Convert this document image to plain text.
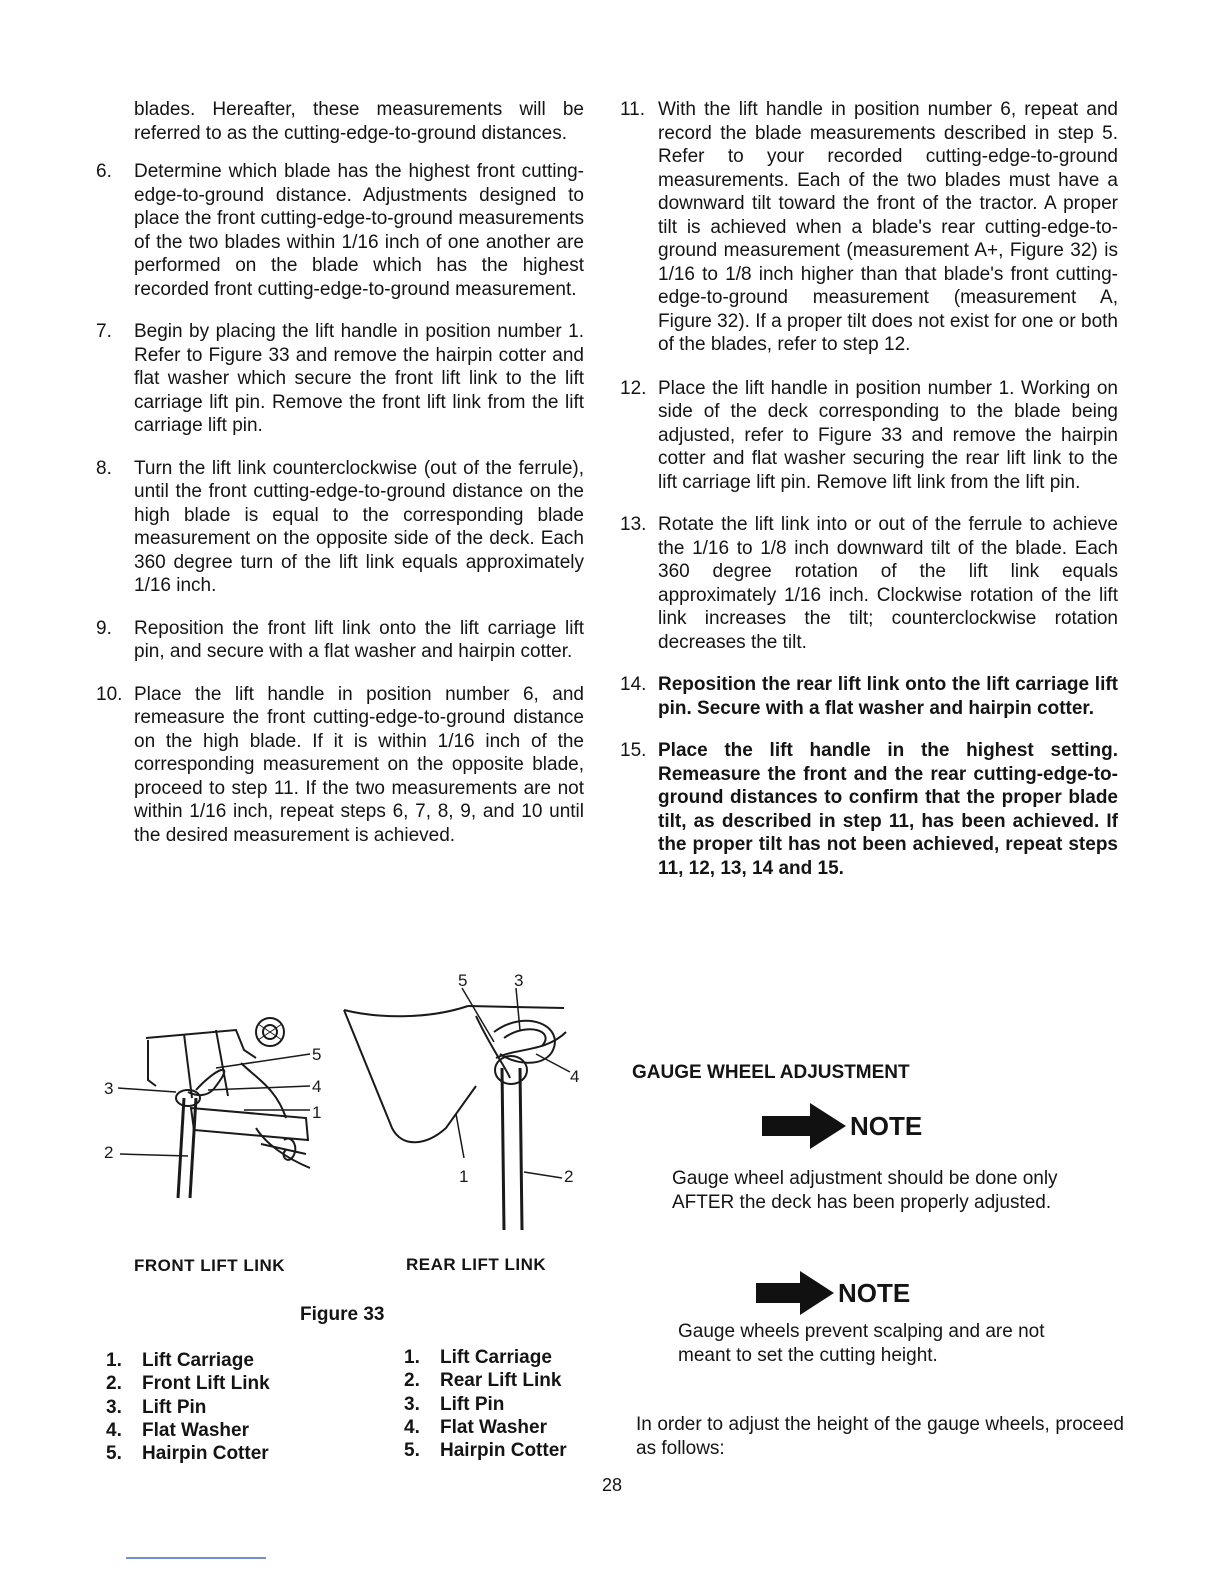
blades. Hereafter, these measurements will be referred to as the cutting-edge-to-ground distances.

6.	Determine which blade has the highest front cutting-edge-to-ground distance. Adjustments designed to place the front cutting-edge-to-ground measurements of the two blades within 1/16 inch of one another are performed on the blade which has the highest recorded front cutting-edge-to-ground measurement.
7.	Begin by placing the lift handle in position number 1. Refer to Figure 33 and remove the hairpin cotter and flat washer which secure the front lift link to the lift carriage lift pin. Remove the front lift link from the lift carriage lift pin.
8.	Turn the lift link counterclockwise (out of the ferrule), until the front cutting-edge-to-ground distance on the high blade is equal to the corresponding blade measurement on the opposite side of the deck. Each 360 degree turn of the lift link equals approximately 1/16 inch.
9.	Reposition the front lift link onto the lift carriage lift pin, and secure with a flat washer and hairpin cotter.
10. Place the lift handle in position number 6, and remeasure the front cutting-edge-to-ground distance on the high blade. If it is within 1/16 inch of the corresponding measurement on the opposite blade, proceed to step 11. If the two measurements are not within 1/16 inch, repeat steps 6, 7, 8, 9, and 10 until the desired measurement is achieved.
11. With the lift handle in position number 6, repeat and record the blade measurements described in step 5. Refer to your recorded cutting-edge-to-ground measurements. Each of the two blades must have a downward tilt toward the front of the tractor. A proper tilt is achieved when a blade's rear cutting-edge-to-ground measurement (measurement A+, Figure 32) is 1/16 to 1/8 inch higher than that blade's front cutting-edge-to-ground measurement (measurement A, Figure 32). If a proper tilt does not exist for one or both of the blades, refer to step 12.
12. Place the lift handle in position number 1. Working on side of the deck corresponding to the blade being adjusted, refer to Figure 33 and remove the hairpin cotter and flat washer securing the rear lift link to the lift carriage lift pin. Remove lift link from the lift pin.
13. Rotate the lift link into or out of the ferrule to achieve the 1/16 to 1/8 inch downward tilt of the blade. Each 360 degree rotation of the lift link equals approximately 1/16 inch. Clockwise rotation of the lift link increases the tilt; counterclockwise rotation decreases the tilt.
14. Reposition the rear lift link onto the lift carriage lift pin. Secure with a flat washer and hairpin cotter.
15. Place the lift handle in the highest setting. Remeasure the front and the rear cutting-edge-to-ground distances to confirm that the proper blade tilt, as described in step 11, has been achieved. If the proper tilt has not been achieved, repeat steps 11, 12, 13, 14 and 15.
5
4
1
3
2
5	3
4
1	2
FRONT LIFT LINK	REAR LIFT LINK
Figure 33
1.	Lift Carriage
2.	Front Lift Link
3.	Lift Pin
4.	Flat Washer
5.	Hairpin Cotter
1.	Lift Carriage
2.	Rear Lift Link
3.	Lift Pin
4.	Flat Washer
5.	Hairpin Cotter
GAUGE WHEEL ADJUSTMENT
NOTE
Gauge wheel adjustment should be done only AFTER the deck has been properly adjusted.
NOTE
Gauge wheels prevent scalping and are not meant to set the cutting height.
In order to adjust the height of the gauge wheels, proceed as follows:
28
